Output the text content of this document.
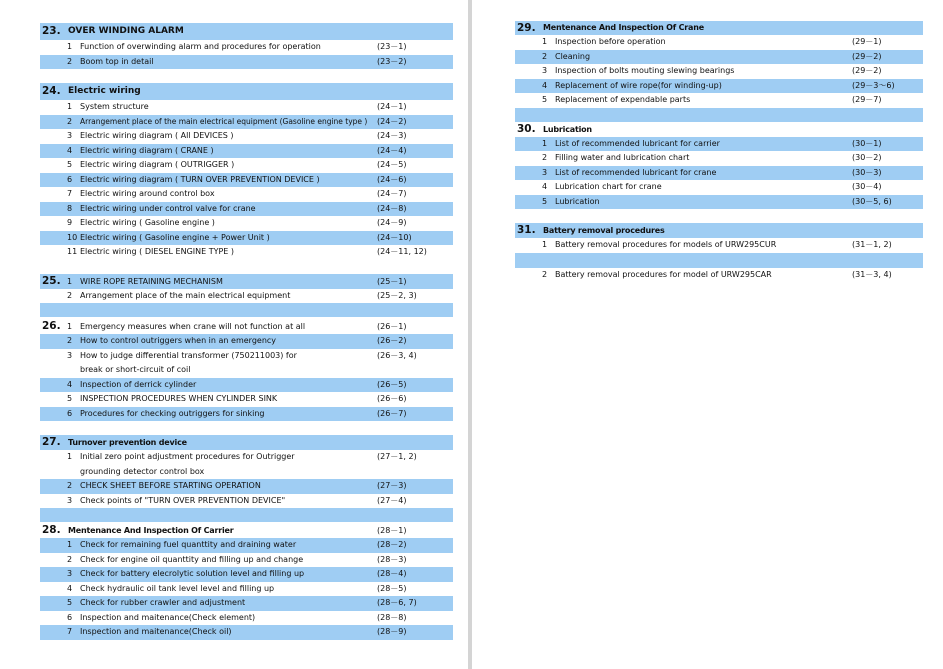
23. OVER WINDING ALARM
1 Function of overwinding alarm and procedures for operation	(23－1)
2 Boom top in detail	(23－2)
24. Electric wiring
1 System structure	(24－1)
2 Arrangement place of the main electrical equipment (Gasoline engine type ) (24－2)
3 Electric wiring diagram ( All DEVICES )	(24－3)
4 Electric wiring diagram ( CRANE )	(24－4)
5 Electric wiring diagram ( OUTRIGGER )	(24－5)
6 Electric wiring diagram ( TURN OVER PREVENTION DEVICE )	(24－6)
7 Electric wiring around control box	(24－7)
8 Electric wiring under control valve for crane	(24－8)
9 Electric wiring ( Gasoline engine )	(24－9)
10 Electric wiring ( Gasoline engine + Power Unit )	(24－10)
11 Electric wiring ( DIESEL ENGINE TYPE )	(24－11, 12)
25. 1 WIRE ROPE RETAINING MECHANISM	(25－1)
2 Arrangement place of the main electrical equipment	(25－2, 3)
26. 1 Emergency measures when crane will not function at all	(26－1)
2 How to control outriggers when in an emergency	(26－2)
3 How to judge differential transformer (750211003) for	(26－3, 4)
break or short-circuit of coil
4 Inspection of derrick cylinder	(26－5)
5 INSPECTION PROCEDURES WHEN CYLINDER SINK	(26－6)
6 Procedures for checking outriggers for sinking	(26－7)
27. Turnover prevention device
1 Initial zero point adjustment procedures for Outrigger	(27－1, 2)
grounding detector control box
2 CHECK SHEET BEFORE STARTING OPERATION	(27－3)
3 Check points of "TURN OVER PREVENTION DEVICE"	(27－4)
28. Mentenance And Inspection Of Carrier	(28－1)
1 Check for remaining fuel quanttity and draining water	(28－2)
2 Check for engine oil quanttity and filling up and change	(28－3)
3 Check for battery elecrolytic solution level and filling up	(28－4)
4 Check hydraulic oil tank level level and filling up	(28－5)
5 Check for rubber crawler and adjustment	(28－6, 7)
6 Inspection and maitenance(Check element)	(28－8)
7 Inspection and maitenance(Check oil)	(28－9)
29. Mentenance And Inspection Of Crane
1 Inspection before operation	(29－1)
2 Cleaning	(29－2)
3 Inspection of bolts mouting slewing bearings	(29－2)
4 Replacement of wire rope(for winding-up)	(29－3～6)
5 Replacement of expendable parts	(29－7)
30. Lubrication
1 List of recommended lubricant for carrier	(30－1)
2 Filling water and lubrication chart	(30－2)
3 List of recommended lubricant for crane	(30－3)
4 Lubrication chart for crane	(30－4)
5 Lubrication	(30－5, 6)
31. Battery removal procedures
1 Battery removal procedures for models of URW295CUR	(31－1, 2)
2 Battery removal procedures for model of URW295CAR	(31－3, 4)
